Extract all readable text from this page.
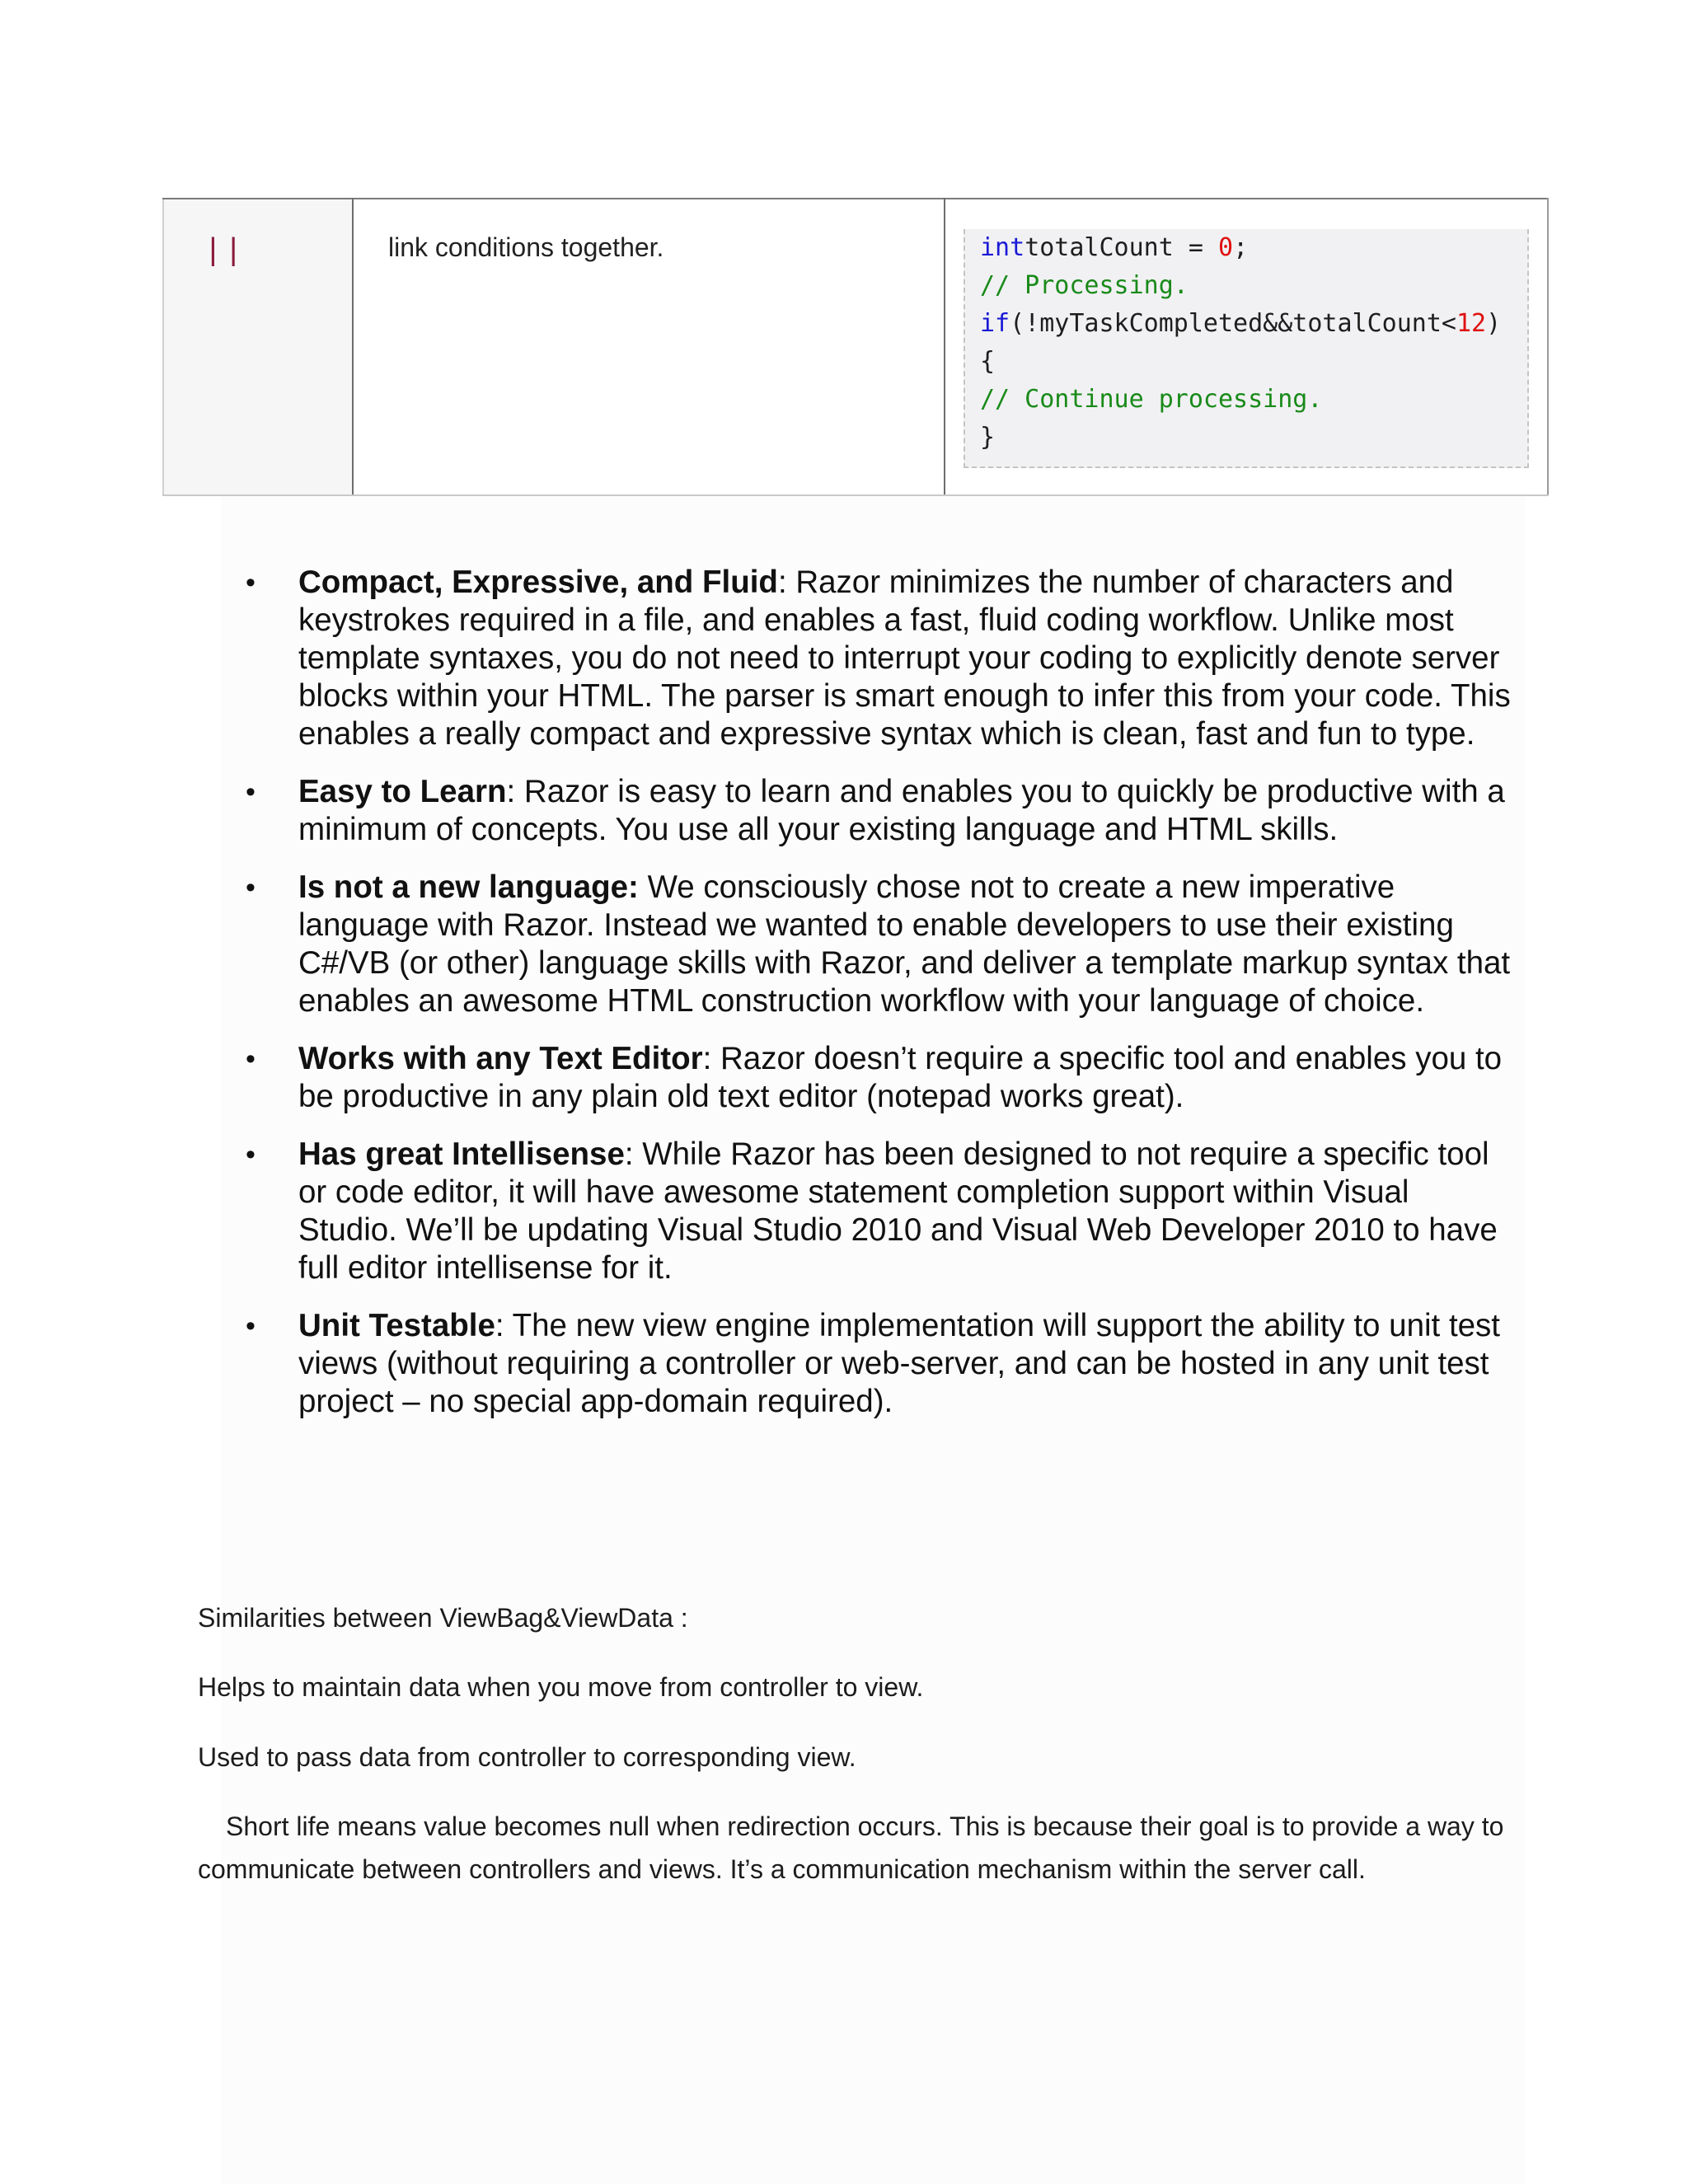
||	link conditions together.	inttotalCount = 0;
// Processing.
if(!myTaskCompleted&&totalCount<12)
{
// Continue processing.
}
• Compact, Expressive, and Fluid: Razor minimizes the number of characters and keystrokes required in a file, and enables a fast, fluid coding workflow. Unlike most template syntaxes, you do not need to interrupt your coding to explicitly denote server blocks within your HTML. The parser is smart enough to infer this from your code. This enables a really compact and expressive syntax which is clean, fast and fun to type.
• Easy to Learn: Razor is easy to learn and enables you to quickly be productive with a minimum of concepts. You use all your existing language and HTML skills.
• Is not a new language: We consciously chose not to create a new imperative language with Razor. Instead we wanted to enable developers to use their existing C#/VB (or other) language skills with Razor, and deliver a template markup syntax that enables an awesome HTML construction workflow with your language of choice.
• Works with any Text Editor: Razor doesn’t require a specific tool and enables you to be productive in any plain old text editor (notepad works great).
• Has great Intellisense: While Razor has been designed to not require a specific tool or code editor, it will have awesome statement completion support within Visual Studio. We’ll be updating Visual Studio 2010 and Visual Web Developer 2010 to have full editor intellisense for it.
• Unit Testable: The new view engine implementation will support the ability to unit test views (without requiring a controller or web-server, and can be hosted in any unit test project – no special app-domain required).
Similarities between ViewBag&ViewData :
Helps to maintain data when you move from controller to view.
Used to pass data from controller to corresponding view.
Short life means value becomes null when redirection occurs. This is because their goal is to provide a way to communicate between controllers and views. It’s a communication mechanism within the server call.
